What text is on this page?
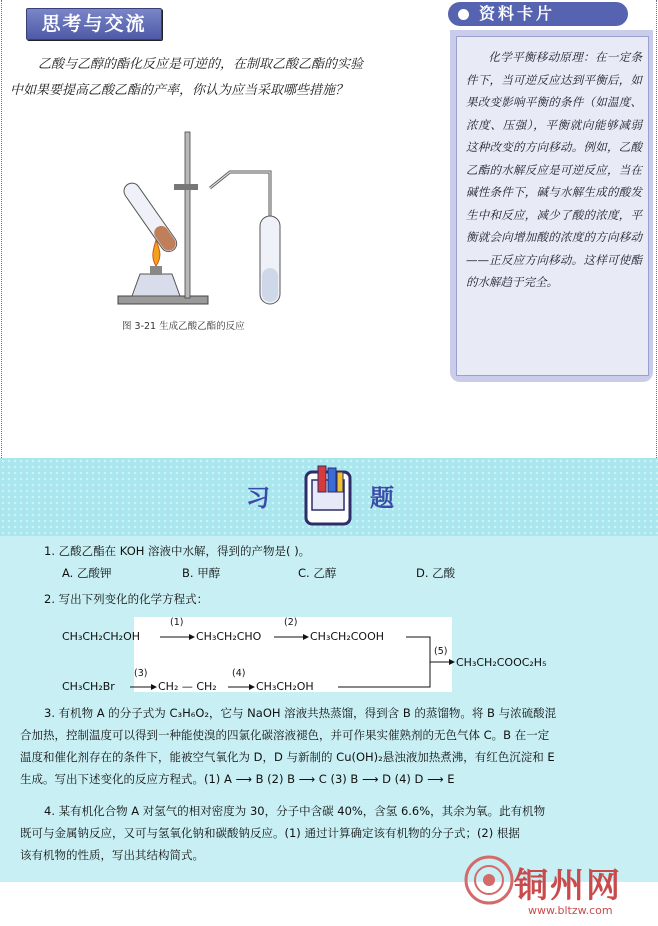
思考与交流

乙酸与乙醇的酯化反应是可逆的，在制取乙酸乙酯的实验

中如果要提高乙酸乙酯的产率，你认为应当采取哪些措施？

图 3-21 生成乙酸乙酯的反应
资料卡片
化学平衡移动原理：在一定条件下，当可逆反应达到平衡后，如果改变影响平衡的条件（如温度、浓度、压强），平衡就向能够减弱这种改变的方向移动。例如，乙酸乙酯的水解反应是可逆反应，当在碱性条件下，碱与水解生成的酸发生中和反应，减少了酸的浓度，平衡就会向增加酸的浓度的方向移动——正反应方向移动。这样可使酯的水解趋于完全。
习	题
1. 乙酸乙酯在 KOH 溶液中水解，得到的产物是( )。
A. 乙酸钾	B. 甲醇	C. 乙醇	D. 乙酸
2. 写出下列变化的化学方程式：
CH₃CH₂CH₂OH
(1)
CH₃CH₂CHO
(2)
CH₃CH₂COOH
CH₃CH₂Br
(3)
CH₂ — CH₂
(4)
CH₃CH₂OH
(5)
CH₃CH₂COOC₂H₅
3. 有机物 A 的分子式为 C₃H₆O₂，它与 NaOH 溶液共热蒸馏，得到含 B 的蒸馏物。将 B 与浓硫酸混
合加热，控制温度可以得到一种能使溴的四氯化碳溶液褪色，并可作果实催熟剂的无色气体 C。B 在一定
温度和催化剂存在的条件下，能被空气氧化为 D，D 与新制的 Cu(OH)₂悬浊液加热煮沸，有红色沉淀和 E
生成。写出下述变化的反应方程式。(1) A ⟶ B (2) B ⟶ C (3) B ⟶ D (4) D ⟶ E
4. 某有机化合物 A 对氢气的相对密度为 30，分子中含碳 40%，含氢 6.6%，其余为氧。此有机物
既可与金属钠反应，又可与氢氧化钠和碳酸钠反应。(1) 通过计算确定该有机物的分子式；(2) 根据
该有机物的性质，写出其结构简式。
铜州网
www.bltzw.com
